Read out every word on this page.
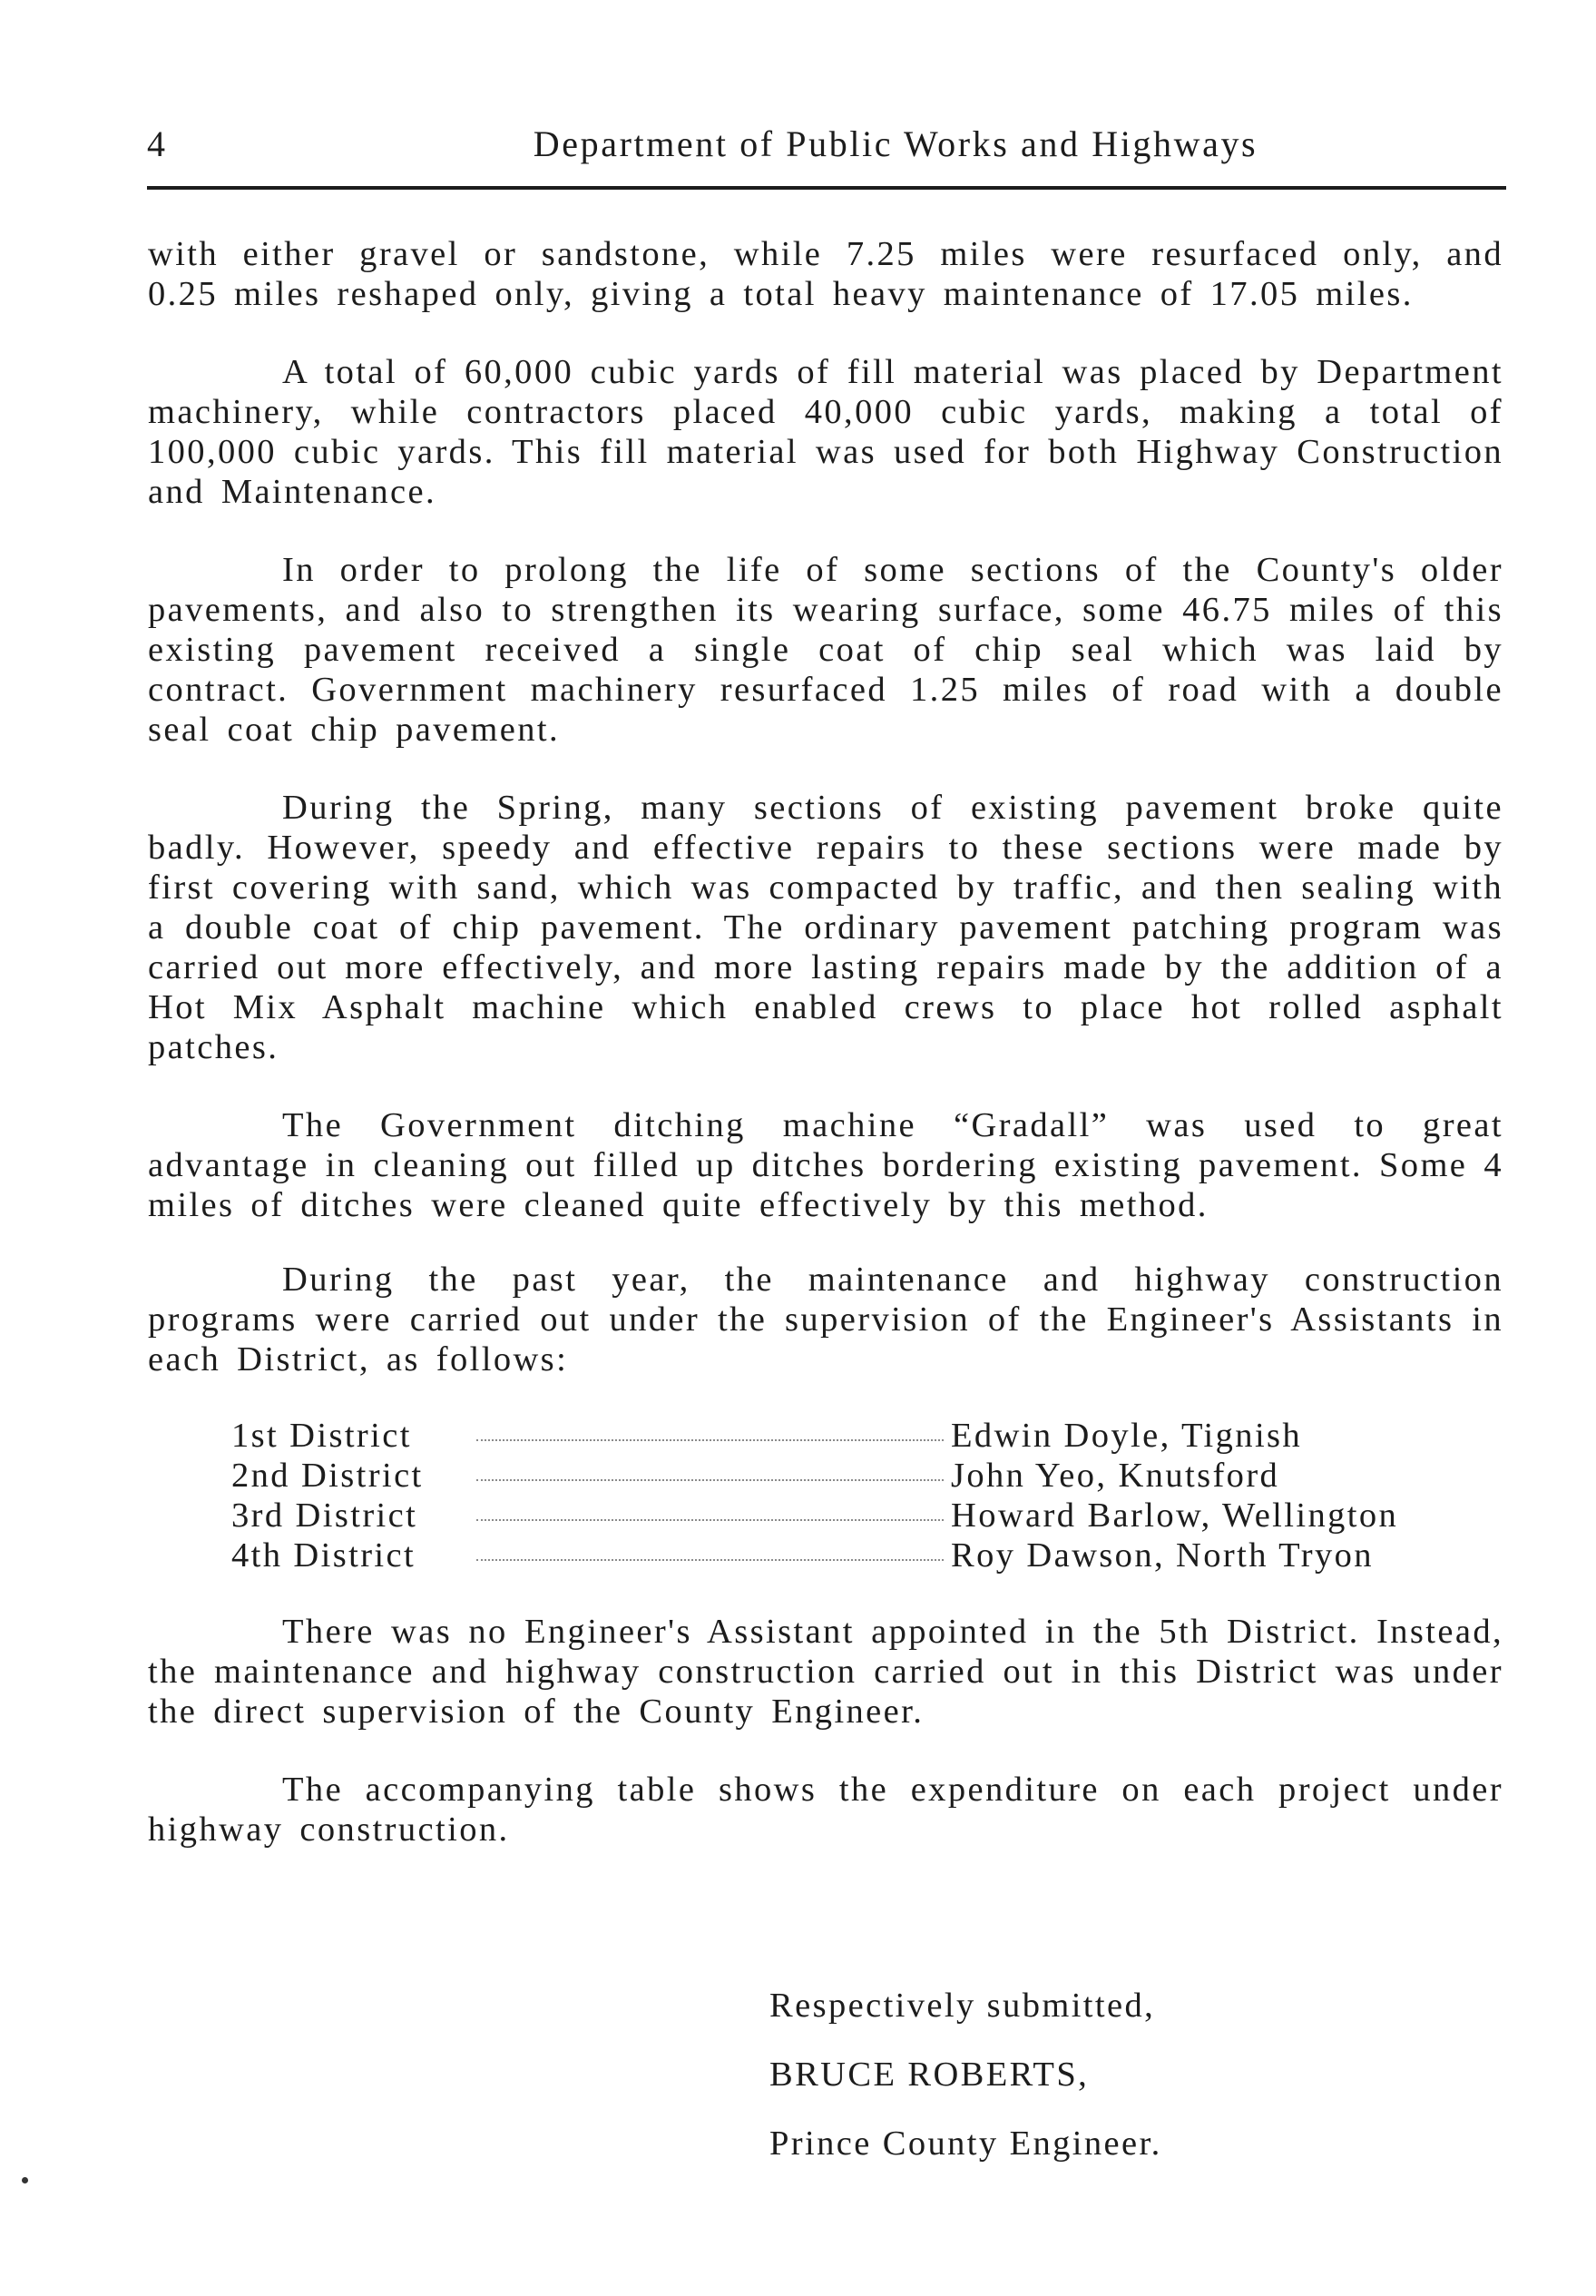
4	Department of Public Works and Highways

with either gravel or sandstone, while 7.25 miles were resurfaced only, and 0.25 miles reshaped only, giving a total heavy maintenance of 17.05 miles.

A total of 60,000 cubic yards of fill material was placed by Department machinery, while contractors placed 40,000 cubic yards, making a total of 100,000 cubic yards. This fill material was used for both Highway Construction and Maintenance.

In order to prolong the life of some sections of the County's older pavements, and also to strengthen its wearing surface, some 46.75 miles of this existing pavement received a single coat of chip seal which was laid by contract. Government machinery resurfaced 1.25 miles of road with a double seal coat chip pavement.

During the Spring, many sections of existing pavement broke quite badly. However, speedy and effective repairs to these sections were made by first covering with sand, which was compacted by traffic, and then sealing with a double coat of chip pavement. The ordinary pavement patching program was carried out more effectively, and more lasting repairs made by the addition of a Hot Mix Asphalt machine which enabled crews to place hot rolled asphalt patches.

The Government ditching machine “Gradall” was used to great advantage in cleaning out filled up ditches bordering existing pavement. Some 4 miles of ditches were cleaned quite effectively by this method.

During the past year, the maintenance and highway construction programs were carried out under the supervision of the Engineer's Assistants in each District, as follows:

1st District	Edwin Doyle, Tignish
2nd District	John Yeo, Knutsford
3rd District	Howard Barlow, Wellington
4th District	Roy Dawson, North Tryon

There was no Engineer's Assistant appointed in the 5th District. Instead, the maintenance and highway construction carried out in this District was under the direct supervision of the County Engineer.

The accompanying table shows the expenditure on each project under highway construction.

Respectively submitted,

BRUCE ROBERTS,

Prince County Engineer.
